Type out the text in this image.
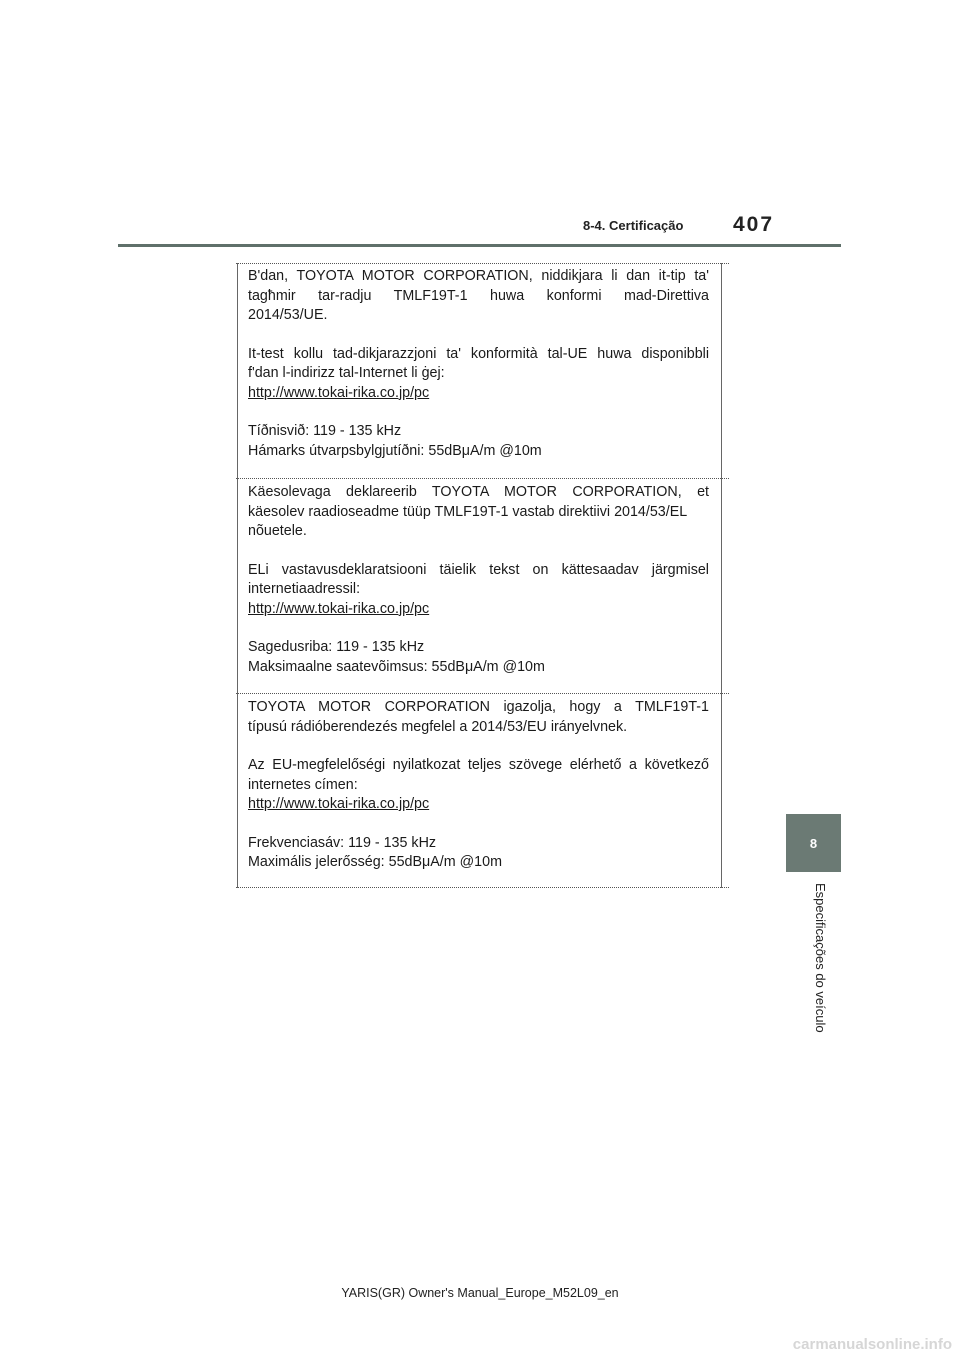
8-4. Certificação 407
8
Especificações do veículo

B'dan, TOYOTA MOTOR CORPORATION, niddikjara li dan it-tip ta'

tagħmir tar-radju TMLF19T-1 huwa konformi mad-Direttiva

2014/53/UE.

It-test kollu tad-dikjarazzjoni ta' konformità tal-UE huwa disponibbli

f'dan l-indirizz tal-Internet li ġej:

http://www.tokai-rika.co.jp/pc

Tíðnisvið: 119 - 135 kHz

Hámarks útvarpsbylgjutíðni: 55dBμA/m @10m

Käesolevaga deklareerib TOYOTA MOTOR CORPORATION, et

käesolev raadioseadme tüüp TMLF19T-1 vastab direktiivi 2014/53/EL

nõuetele.

ELi vastavusdeklaratsiooni täielik tekst on kättesaadav järgmisel

internetiaadressil:

http://www.tokai-rika.co.jp/pc

Sagedusriba: 119 - 135 kHz

Maksimaalne saatevõimsus: 55dBμA/m @10m

TOYOTA MOTOR CORPORATION igazolja, hogy a TMLF19T-1

típusú rádióberendezés megfelel a 2014/53/EU irányelvnek.

Az EU-megfelelőségi nyilatkozat teljes szövege elérhető a következő

internetes címen:

http://www.tokai-rika.co.jp/pc

Frekvenciasáv: 119 - 135 kHz

Maximális jelerősség: 55dBμA/m @10m

YARIS(GR) Owner's Manual_Europe_M52L09_en
carmanualsonline.info
